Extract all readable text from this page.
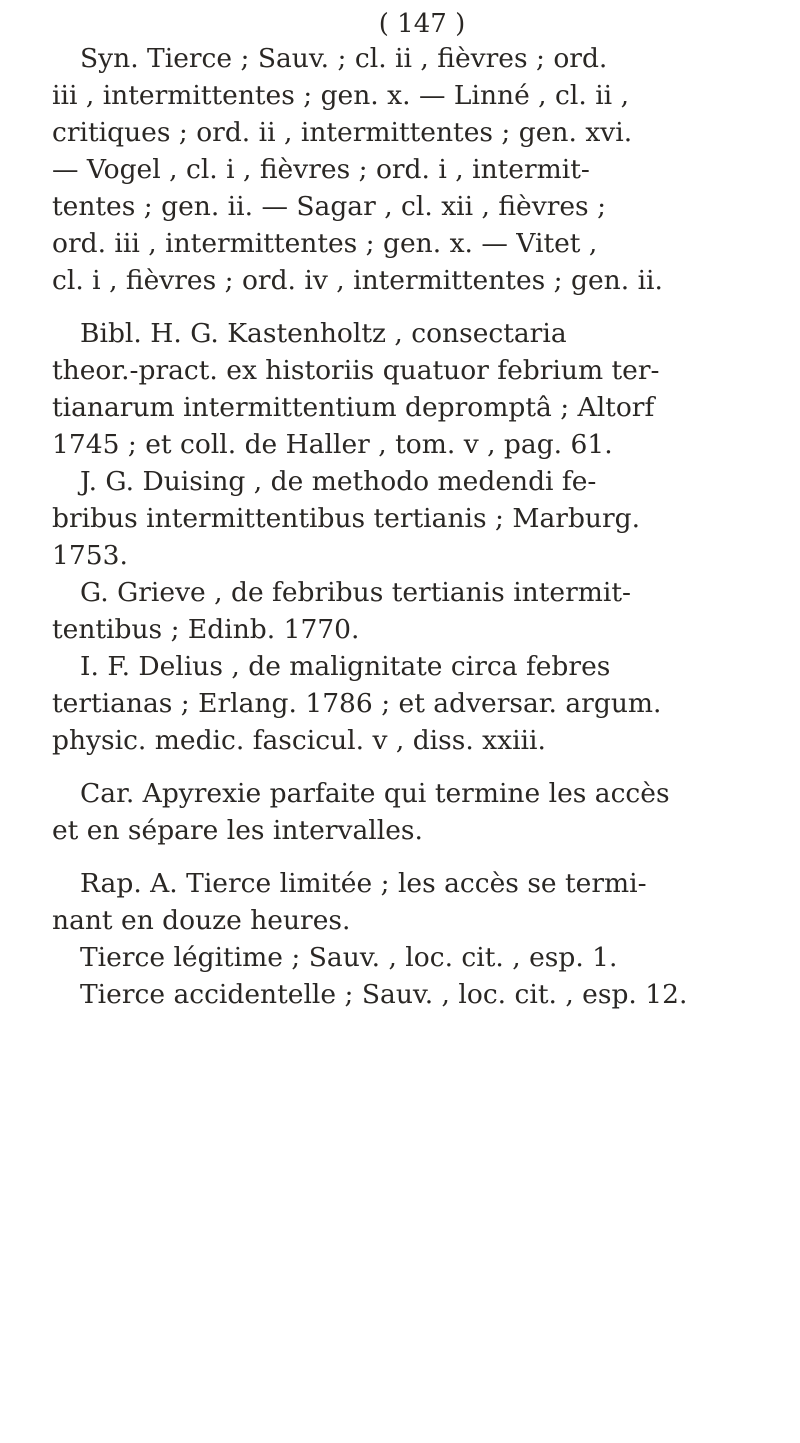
( 147 )
Syn. Tierce ; Sauv. ; cl. ii , fièvres ; ord.
iii , intermittentes ; gen. x. — Linné , cl. ii ,
critiques ; ord. ii , intermittentes ; gen. xvi.
— Vogel , cl. i , fièvres ; ord. i , intermit-
tentes ; gen. ii. — Sagar , cl. xii , fièvres ;
ord. iii , intermittentes ; gen. x. — Vitet ,
cl. i , fièvres ; ord. iv , intermittentes ; gen. ii.
Bibl. H. G. Kastenholtz , consectaria
theor.-pract. ex historiis quatuor febrium ter-
tianarum intermittentium depromptâ ; Altorf
1745 ; et coll. de Haller , tom. v , pag. 61.
J. G. Duising , de methodo medendi fe-
bribus intermittentibus tertianis ; Marburg.
1753.
G. Grieve , de febribus tertianis intermit-
tentibus ; Edinb. 1770.
I. F. Delius , de malignitate circa febres
tertianas ; Erlang. 1786 ; et adversar. argum.
physic. medic. fascicul. v , diss. xxiii.
Car. Apyrexie parfaite qui termine les accès
et en sépare les intervalles.
Rap. A. Tierce limitée ; les accès se termi-
nant en douze heures.
Tierce légitime ; Sauv. , loc. cit. , esp. 1.
Tierce accidentelle ; Sauv. , loc. cit. , esp. 12.
